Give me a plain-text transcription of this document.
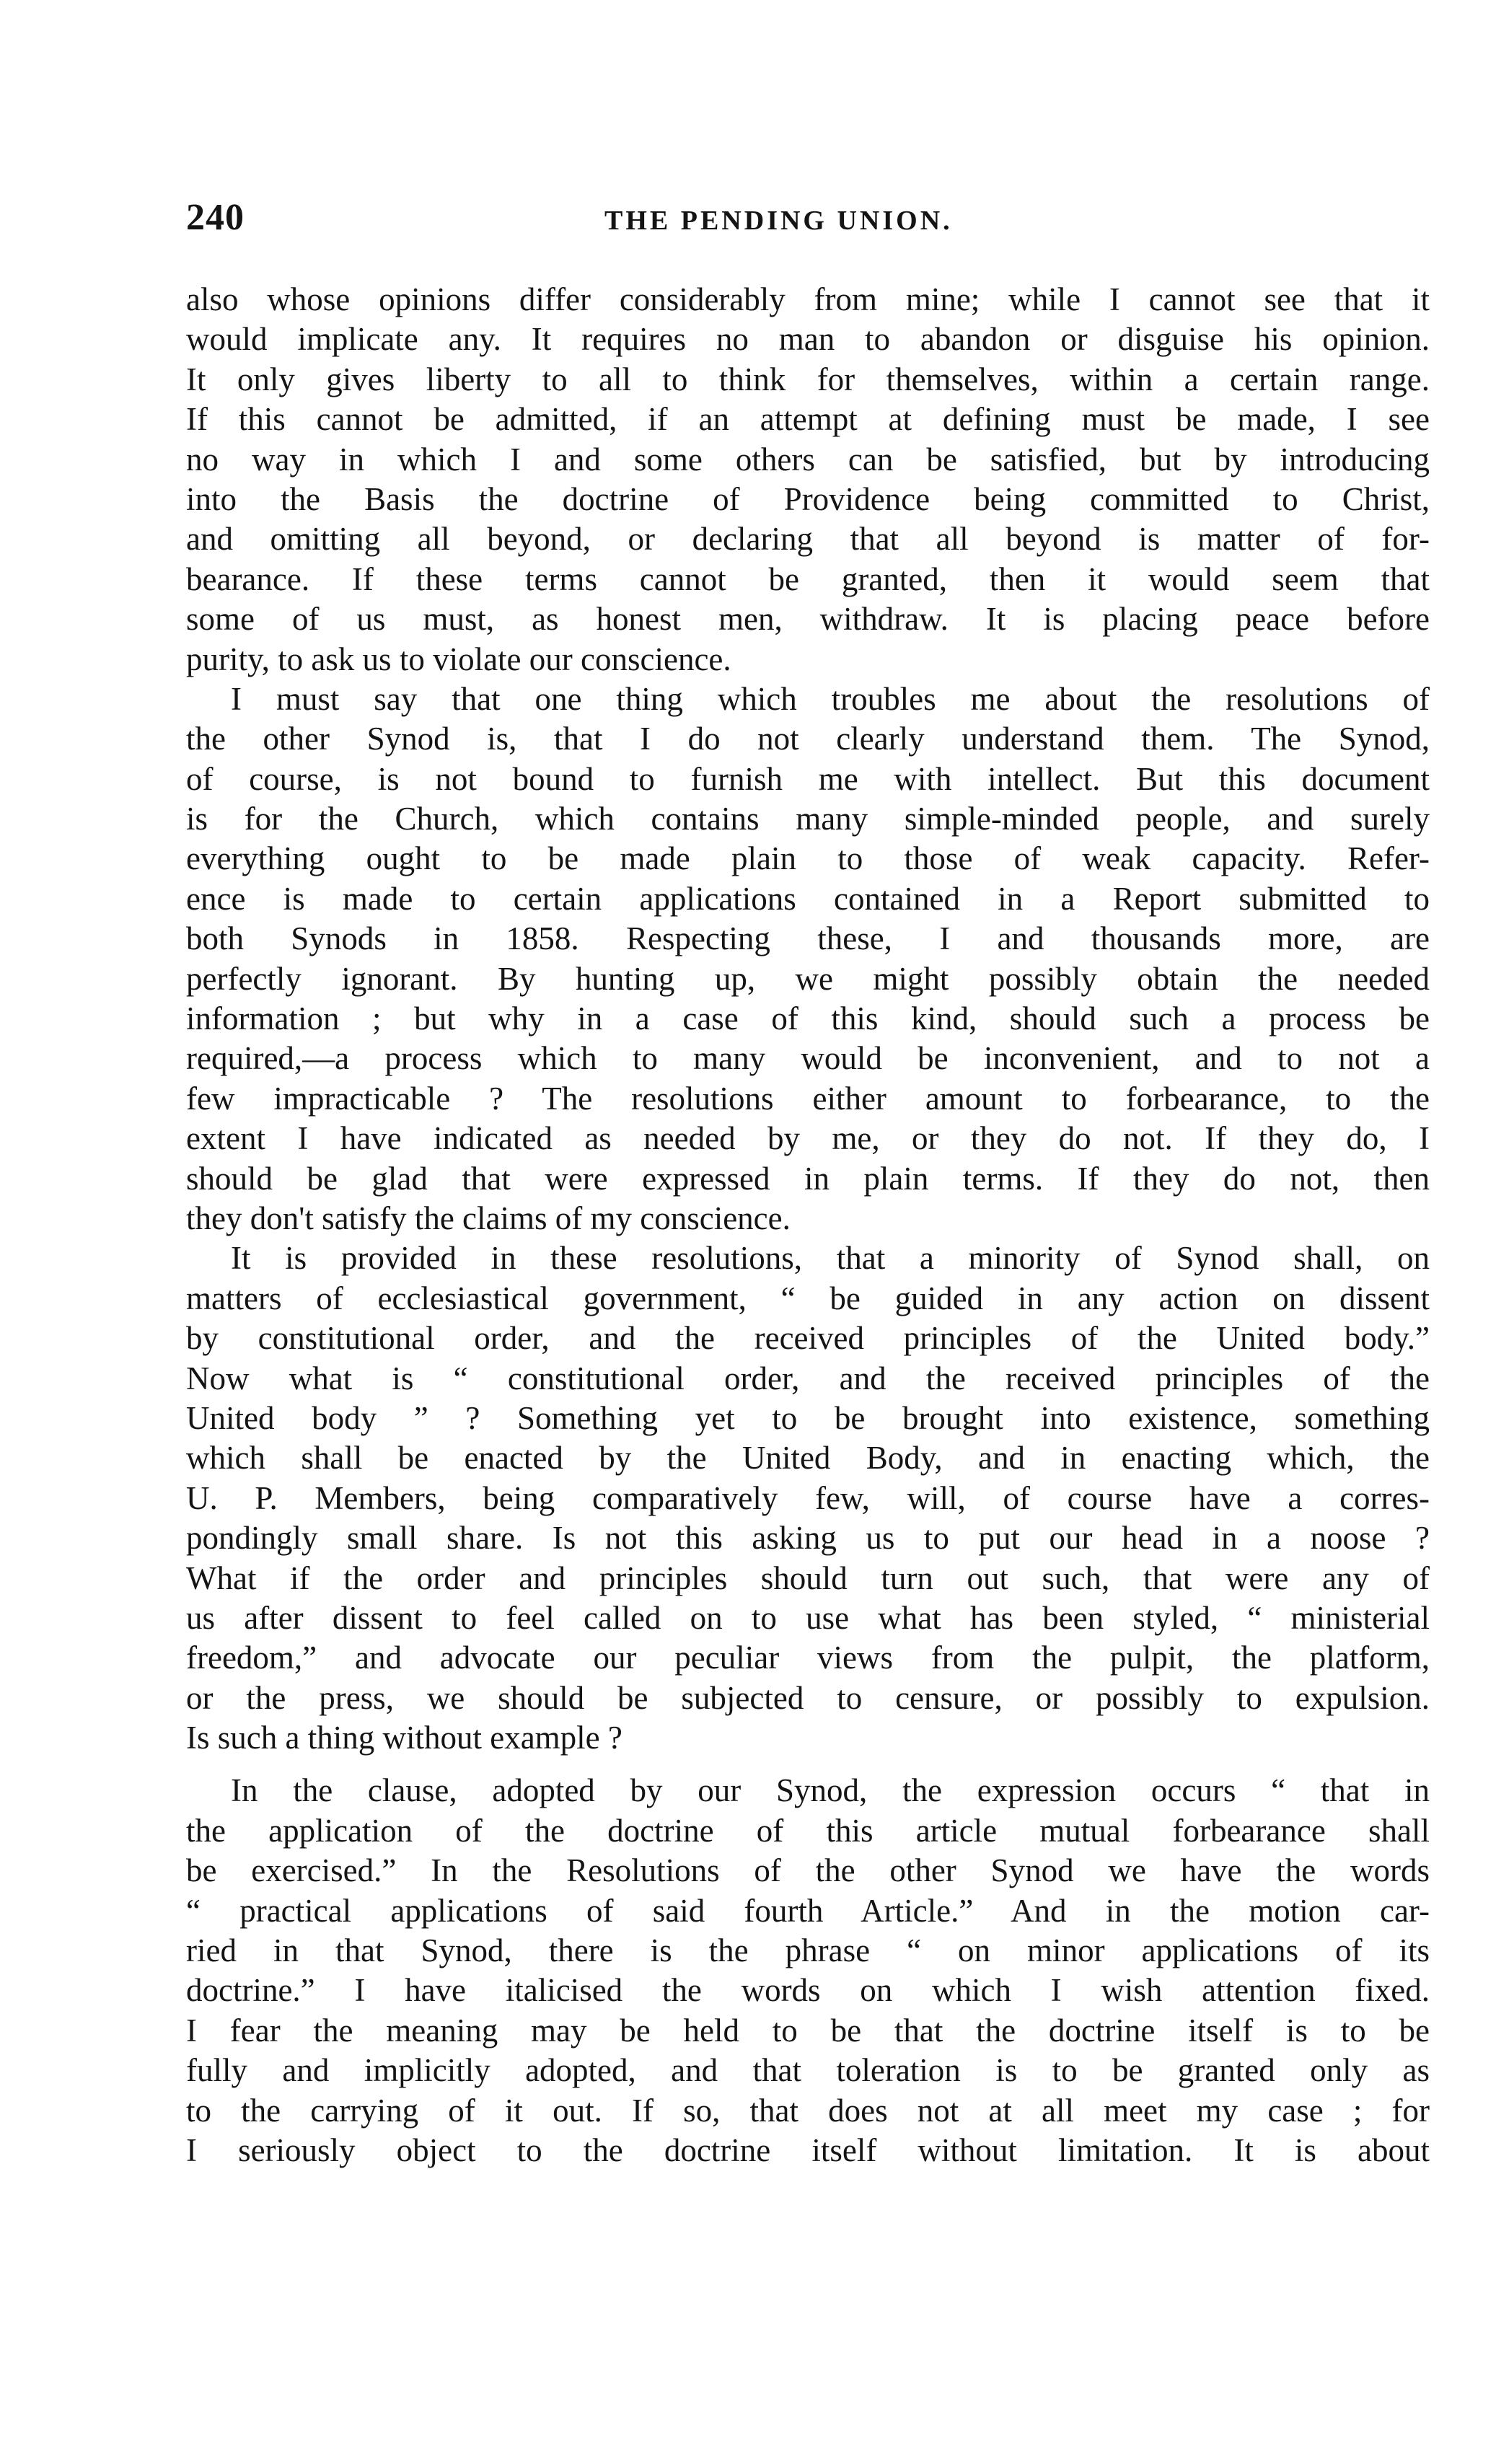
240	THE PENDING UNION.
also whose opinions differ considerably from mine; while I cannot see that it
would implicate any. It requires no man to abandon or disguise his opinion.
It only gives liberty to all to think for themselves, within a certain range.
If this cannot be admitted, if an attempt at defining must be made, I see
no way in which I and some others can be satisfied, but by introducing
into the Basis the doctrine of Providence being committed to Christ,
and omitting all beyond, or declaring that all beyond is matter of for-
bearance. If these terms cannot be granted, then it would seem that
some of us must, as honest men, withdraw. It is placing peace before
purity, to ask us to violate our conscience.
I must say that one thing which troubles me about the resolutions of
the other Synod is, that I do not clearly understand them. The Synod,
of course, is not bound to furnish me with intellect. But this document
is for the Church, which contains many simple-minded people, and surely
everything ought to be made plain to those of weak capacity. Refer-
ence is made to certain applications contained in a Report submitted to
both Synods in 1858. Respecting these, I and thousands more, are
perfectly ignorant. By hunting up, we might possibly obtain the needed
information ; but why in a case of this kind, should such a process be
required,—a process which to many would be inconvenient, and to not a
few impracticable ? The resolutions either amount to forbearance, to the
extent I have indicated as needed by me, or they do not. If they do, I
should be glad that were expressed in plain terms. If they do not, then
they don't satisfy the claims of my conscience.
It is provided in these resolutions, that a minority of Synod shall, on
matters of ecclesiastical government, “ be guided in any action on dissent
by constitutional order, and the received principles of the United body.”
Now what is “ constitutional order, and the received principles of the
United body ” ? Something yet to be brought into existence, something
which shall be enacted by the United Body, and in enacting which, the
U. P. Members, being comparatively few, will, of course have a corres-
pondingly small share. Is not this asking us to put our head in a noose ?
What if the order and principles should turn out such, that were any of
us after dissent to feel called on to use what has been styled, “ ministerial
freedom,” and advocate our peculiar views from the pulpit, the platform,
or the press, we should be subjected to censure, or possibly to expulsion.
Is such a thing without example ?
In the clause, adopted by our Synod, the expression occurs “ that in
the application of the doctrine of this article mutual forbearance shall
be exercised.” In the Resolutions of the other Synod we have the words
“ practical applications of said fourth Article.” And in the motion car-
ried in that Synod, there is the phrase “ on minor applications of its
doctrine.” I have italicised the words on which I wish attention fixed.
I fear the meaning may be held to be that the doctrine itself is to be
fully and implicitly adopted, and that toleration is to be granted only as
to the carrying of it out. If so, that does not at all meet my case ; for
I seriously object to the doctrine itself without limitation. It is about
